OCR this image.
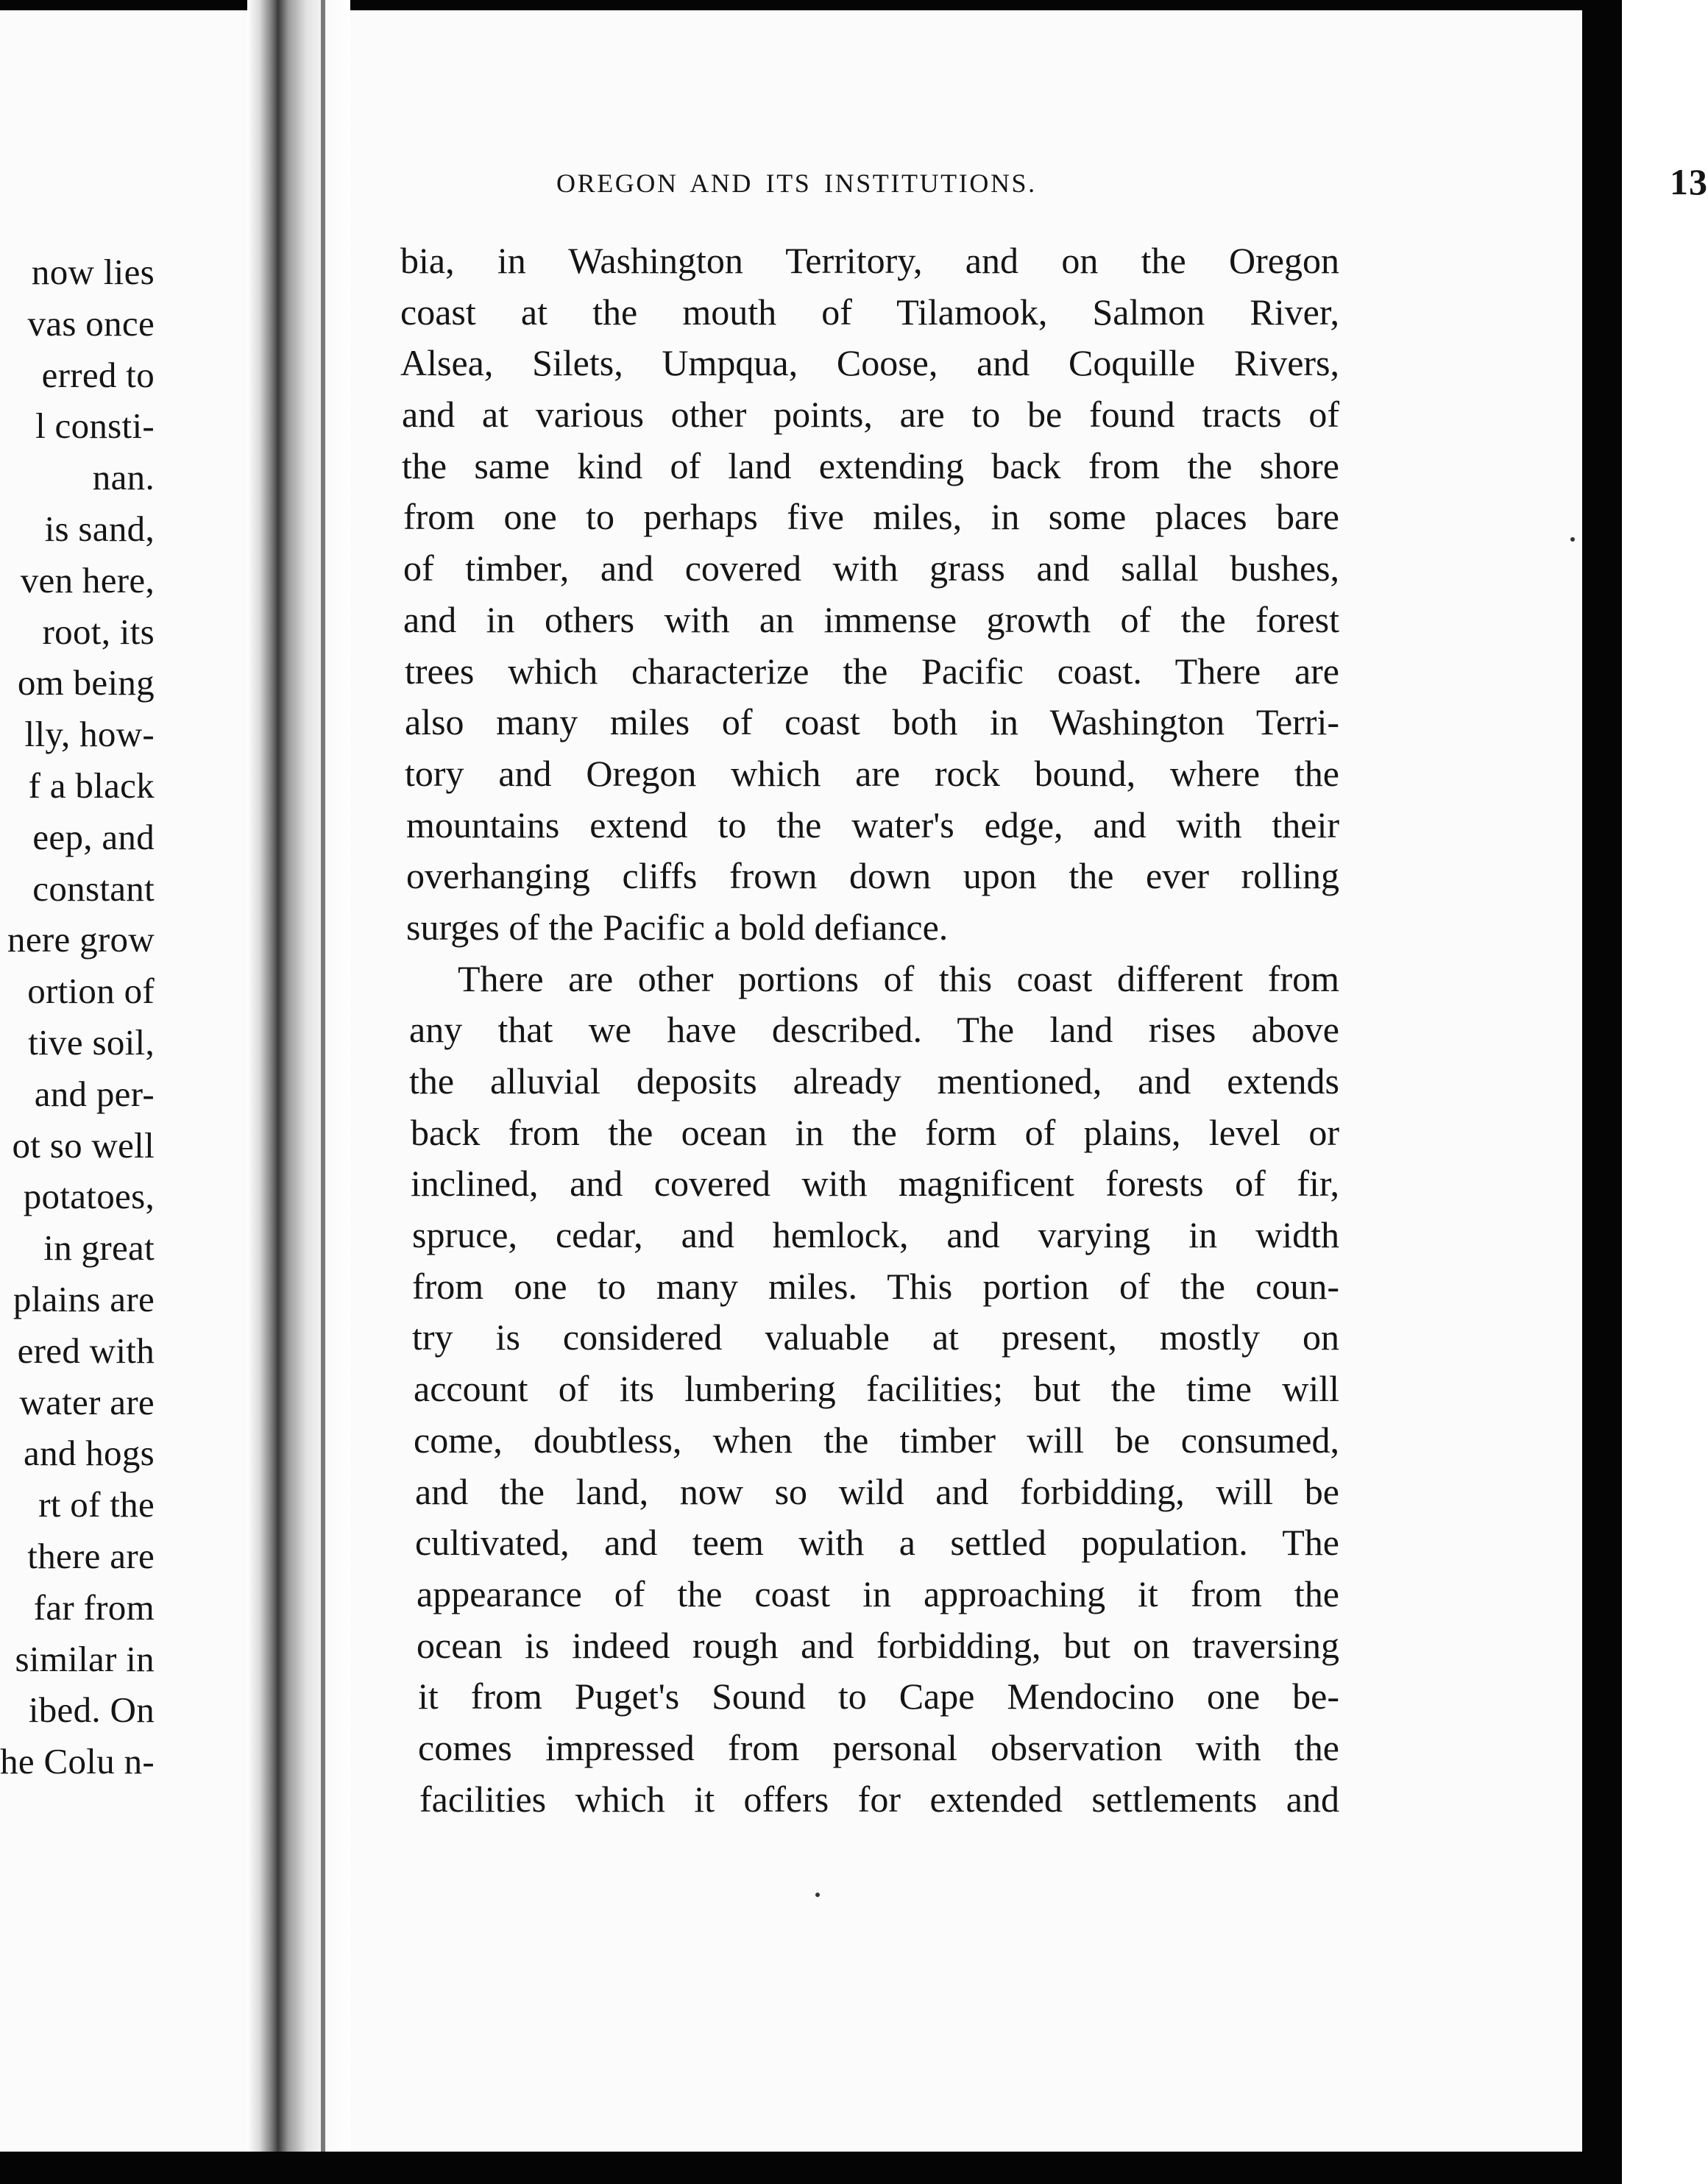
now lies
vas once
erred to
l consti-
nan.
is sand,
ven here,
root, its
om being
lly, how-
f a black
eep, and
constant
nere grow
ortion of
tive soil,
and per-
ot so well
potatoes,
in great
plains are
ered with
water are
and hogs
rt of the
there are
far from
similar in
ibed. On
he Colu n-
OREGON AND ITS INSTITUTIONS.	13

bia, in Washington Territory, and on the Oregon
coast at the mouth of Tilamook, Salmon River,
Alsea, Silets, Umpqua, Coose, and Coquille Rivers,
and at various other points, are to be found tracts of
the same kind of land extending back from the shore
from one to perhaps five miles, in some places bare
of timber, and covered with grass and sallal bushes,
and in others with an immense growth of the forest
trees which characterize the Pacific coast. There are
also many miles of coast both in Washington Terri-
tory and Oregon which are rock bound, where the
mountains extend to the water's edge, and with their
overhanging cliffs frown down upon the ever rolling
surges of the Pacific a bold defiance.

There are other portions of this coast different from
any that we have described. The land rises above
the alluvial deposits already mentioned, and extends
back from the ocean in the form of plains, level or
inclined, and covered with magnificent forests of fir,
spruce, cedar, and hemlock, and varying in width
from one to many miles. This portion of the coun-
try is considered valuable at present, mostly on
account of its lumbering facilities; but the time will
come, doubtless, when the timber will be consumed,
and the land, now so wild and forbidding, will be
cultivated, and teem with a settled population. The
appearance of the coast in approaching it from the
ocean is indeed rough and forbidding, but on traversing
it from Puget's Sound to Cape Mendocino one be-
comes impressed from personal observation with the
facilities which it offers for extended settlements and
